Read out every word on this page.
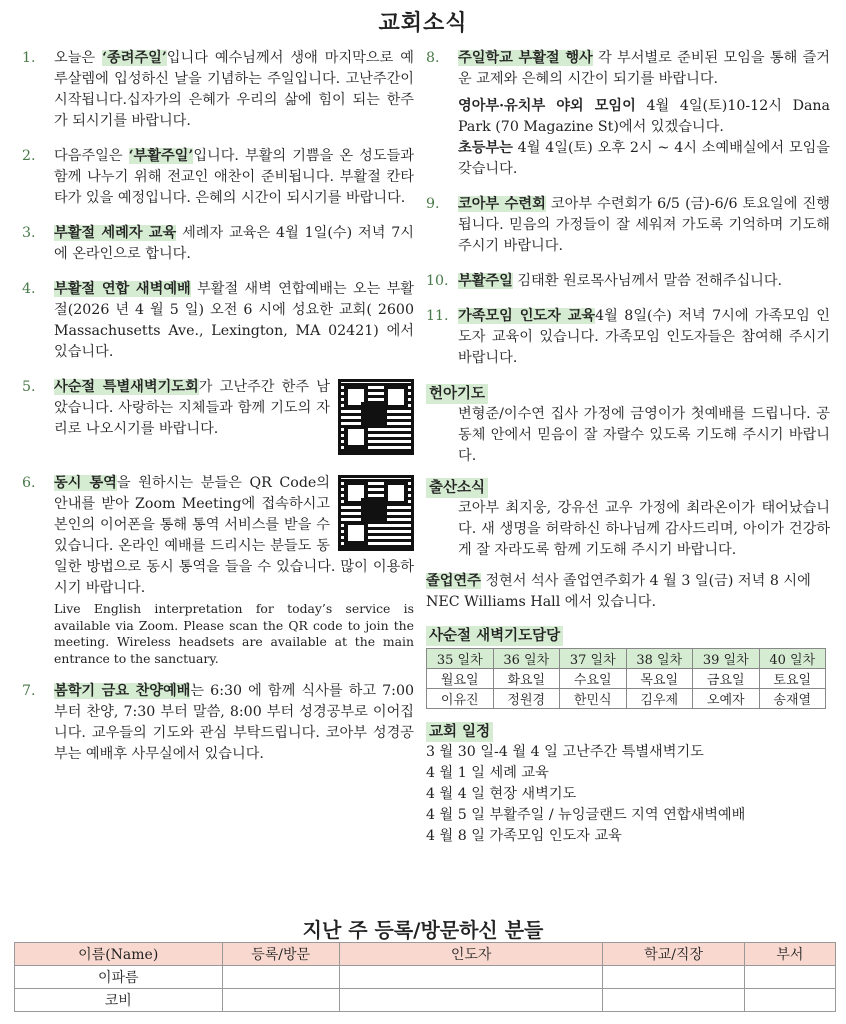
교회소식
1.	오늘은 ‘종려주일’입니다 예수님께서 생애 마지막으로 예루살렘에 입성하신 날을 기념하는 주일입니다. 고난주간이 시작됩니다.십자가의 은혜가 우리의 삶에 힘이 되는 한주가 되시기를 바랍니다.
2.	다음주일은 ‘부활주일’입니다. 부활의 기쁨을 온 성도들과 함께 나누기 위해 전교인 애찬이 준비됩니다. 부활절 칸타타가 있을 예정입니다. 은혜의 시간이 되시기를 바랍니다.
3.	부활절 세례자 교육 세례자 교육은 4월 1일(수) 저녁 7시에 온라인으로 합니다.
4.	부활절 연합 새벽예배 부활절 새벽 연합예배는 오는 부활절(2026 년 4 월 5 일) 오전 6 시에 성요한 교회( 2600 Massachusetts Ave., Lexington, MA 02421) 에서 있습니다.
5.	사순절 특별새벽기도회가 고난주간 한주 남았습니다. 사랑하는 지체들과 함께 기도의 자리로 나오시기를 바랍니다.
6.	동시 통역을 원하시는 분들은 QR Code의 안내를 받아 Zoom Meeting에 접속하시고 본인의 이어폰을 통해 통역 서비스를 받을 수 있습니다. 온라인 예배를 드리시는 분들도 동일한 방법으로 동시 통역을 들을 수 있습니다. 많이 이용하시기 바랍니다.
Live English interpretation for today’s service is available via Zoom. Please scan the QR code to join the meeting. Wireless headsets are available at the main entrance to the sanctuary.
7.	봄학기 금요 찬양예배는 6:30 에 함께 식사를 하고 7:00 부터 찬양, 7:30 부터 말씀, 8:00 부터 성경공부로 이어집니다. 교우들의 기도와 관심 부탁드립니다. 코아부 성경공부는 예배후 사무실에서 있습니다.
8.	주일학교 부활절 행사 각 부서별로 준비된 모임을 통해 즐거운 교제와 은혜의 시간이 되기를 바랍니다.
영아부·유치부 야외 모임이 4월 4일(토)10-12시 Dana Park (70 Magazine St)에서 있겠습니다.
초등부는 4월 4일(토) 오후 2시 ~ 4시 소예배실에서 모임을 갖습니다.
9.	코아부 수련회 코아부 수련회가 6/5 (금)-6/6 토요일에 진행됩니다. 믿음의 가정들이 잘 세워져 가도록 기억하며 기도해 주시기 바랍니다.
10. 부활주일 김태환 원로목사님께서 말씀 전해주십니다.
11. 가족모임 인도자 교육4월 8일(수) 저녁 7시에 가족모임 인도자 교육이 있습니다. 가족모임 인도자들은 참여해 주시기 바랍니다.
헌아기도
변형준/이수연 집사 가정에 금영이가 첫예배를 드립니다. 공동체 안에서 믿음이 잘 자랄수 있도록 기도해 주시기 바랍니다.
출산소식
코아부 최지웅, 강유선 교우 가정에 최라온이가 태어났습니다. 새 생명을 허락하신 하나님께 감사드리며, 아이가 건강하게 잘 자라도록 함께 기도해 주시기 바랍니다.
졸업연주 정현서 석사 졸업연주회가 4 월 3 일(금) 저녁 8 시에 NEC Williams Hall 에서 있습니다.
사순절 새벽기도담당
35 일차	36 일차	37 일차	38 일차	39 일차	40 일차
월요일	화요일	수요일	목요일	금요일	토요일
이유진	정원경	한민식	김우제	오예자	송재열
교회 일정
3 월 30 일-4 월 4 일 고난주간 특별새벽기도
4 월 1 일 세례 교육
4 월 4 일 현장 새벽기도
4 월 5 일 부활주일 / 뉴잉글랜드 지역 연합새벽예배
4 월 8 일 가족모임 인도자 교육
지난 주 등록/방문하신 분들
이름(Name)	등록/방문	인도자	학교/직장	부서
이파름				
코비				
